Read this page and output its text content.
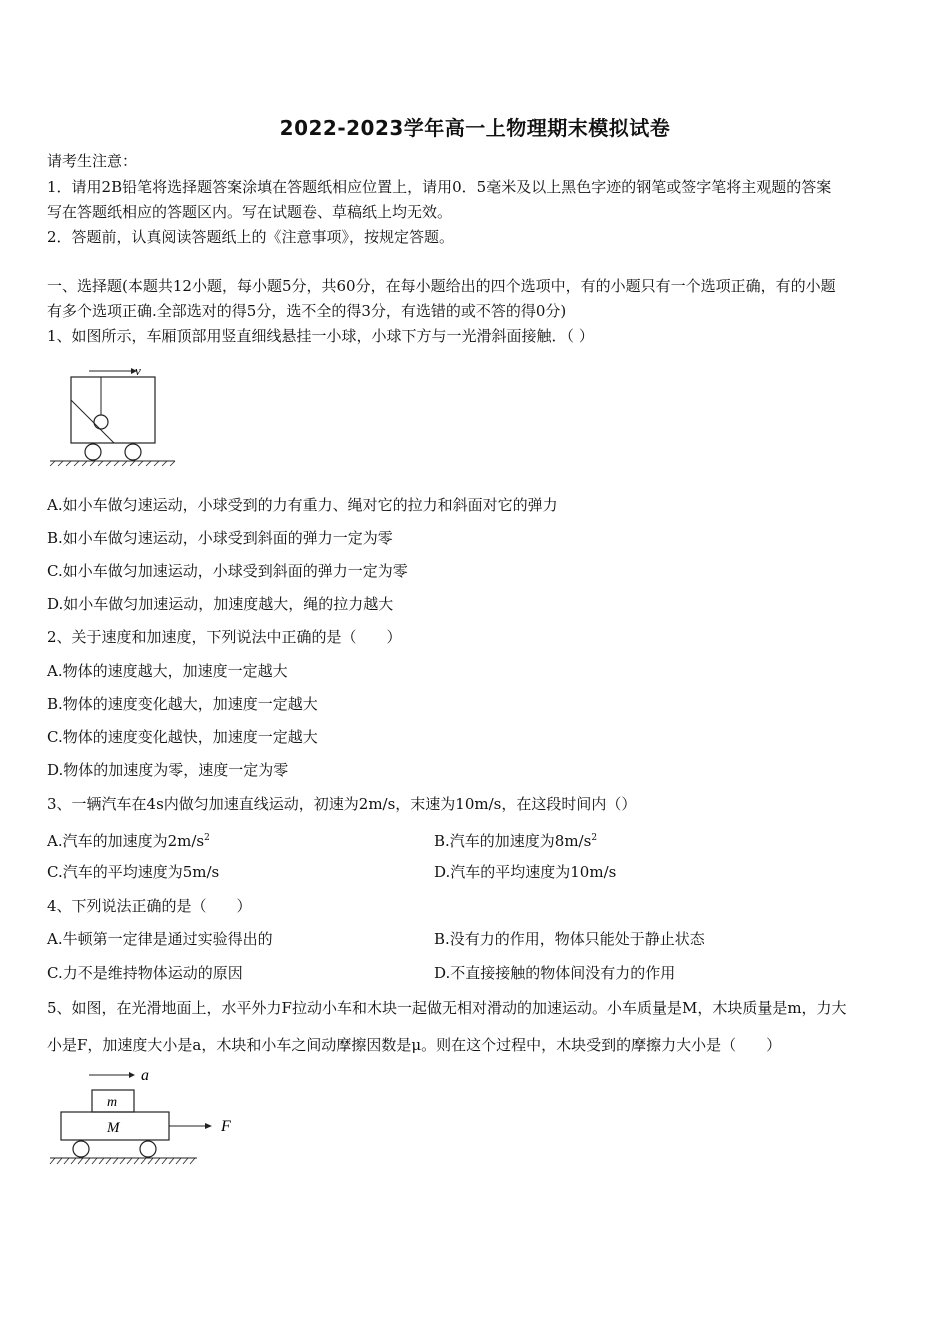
2022-2023学年高一上物理期末模拟试卷
请考生注意：
1．请用2B铅笔将选择题答案涂填在答题纸相应位置上，请用0．5毫米及以上黑色字迹的钢笔或签字笔将主观题的答案
写在答题纸相应的答题区内。写在试题卷、草稿纸上均无效。
2．答题前，认真阅读答题纸上的《注意事项》，按规定答题。
一、选择题(本题共12小题，每小题5分，共60分，在每小题给出的四个选项中，有的小题只有一个选项正确，有的小题
有多个选项正确.全部选对的得5分，选不全的得3分，有选错的或不答的得0分)
1、如图所示，车厢顶部用竖直细线悬挂一小球，小球下方与一光滑斜面接触．（ ）
v
A.如小车做匀速运动，小球受到的力有重力、绳对它的拉力和斜面对它的弹力
B.如小车做匀速运动，小球受到斜面的弹力一定为零
C.如小车做匀加速运动，小球受到斜面的弹力一定为零
D.如小车做匀加速运动，加速度越大，绳的拉力越大
2、关于速度和加速度，下列说法中正确的是（　　）
A.物体的速度越大，加速度一定越大
B.物体的速度变化越大，加速度一定越大
C.物体的速度变化越快，加速度一定越大
D.物体的加速度为零，速度一定为零
3、一辆汽车在4s内做匀加速直线运动，初速为2m/s，末速为10m/s，在这段时间内（）
A.汽车的加速度为$2m/s^2$	B.汽车的加速度为$8m/s^2$
C.汽车的平均速度为5m/s	D.汽车的平均速度为10m/s
4、下列说法正确的是（　　）
A.牛顿第一定律是通过实验得出的	B.没有力的作用，物体只能处于静止状态
C.力不是维持物体运动的原因	D.不直接接触的物体间没有力的作用
5、如图，在光滑地面上，水平外力F拉动小车和木块一起做无相对滑动的加速运动。小车质量是M，木块质量是m，力大
小是F，加速度大小是a，木块和小车之间动摩擦因数是μ。则在这个过程中，木块受到的摩擦力大小是（　　）
a
m
M	F
